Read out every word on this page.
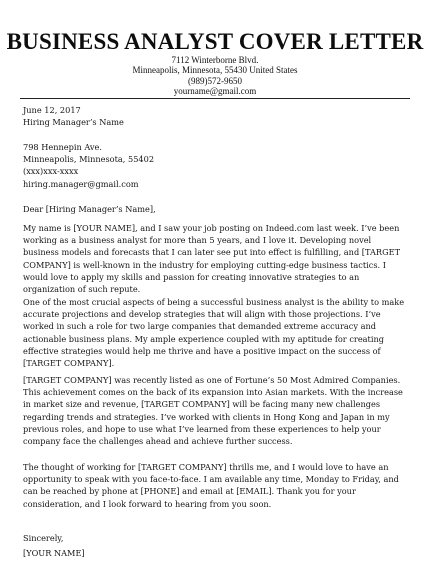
BUSINESS ANALYST COVER LETTER
7112 Winterborne Blvd.
Minneapolis, Minnesota, 55430 United States
(989)572-9650
yourname@gmail.com
June 12, 2017
Hiring Manager’s Name
798 Hennepin Ave.
Minneapolis, Minnesota, 55402
(xxx)xxx-xxxx
hiring.manager@gmail.com
Dear [Hiring Manager’s Name],

My name is [YOUR NAME], and I saw your job posting on Indeed.com last week. I’ve been working as a business analyst for more than 5 years, and I love it. Developing novel business models and forecasts that I can later see put into effect is fulfilling, and [TARGET COMPANY] is well-known in the industry for employing cutting-edge business tactics. I would love to apply my skills and passion for creating innovative strategies to an organization of such repute.

One of the most crucial aspects of being a successful business analyst is the ability to make accurate projections and develop strategies that will align with those projections. I’ve worked in such a role for two large companies that demanded extreme accuracy and actionable business plans. My ample experience coupled with my aptitude for creating effective strategies would help me thrive and have a positive impact on the success of [TARGET COMPANY].

[TARGET COMPANY] was recently listed as one of Fortune’s 50 Most Admired Companies. This achievement comes on the back of its expansion into Asian markets. With the increase in market size and revenue, [TARGET COMPANY] will be facing many new challenges regarding trends and strategies. I’ve worked with clients in Hong Kong and Japan in my previous roles, and hope to use what I’ve learned from these experiences to help your company face the challenges ahead and achieve further success.

The thought of working for [TARGET COMPANY] thrills me, and I would love to have an opportunity to speak with you face-to-face. I am available any time, Monday to Friday, and can be reached by phone at [PHONE] and email at [EMAIL]. Thank you for your consideration, and I look forward to hearing from you soon.

Sincerely,
[YOUR NAME]
